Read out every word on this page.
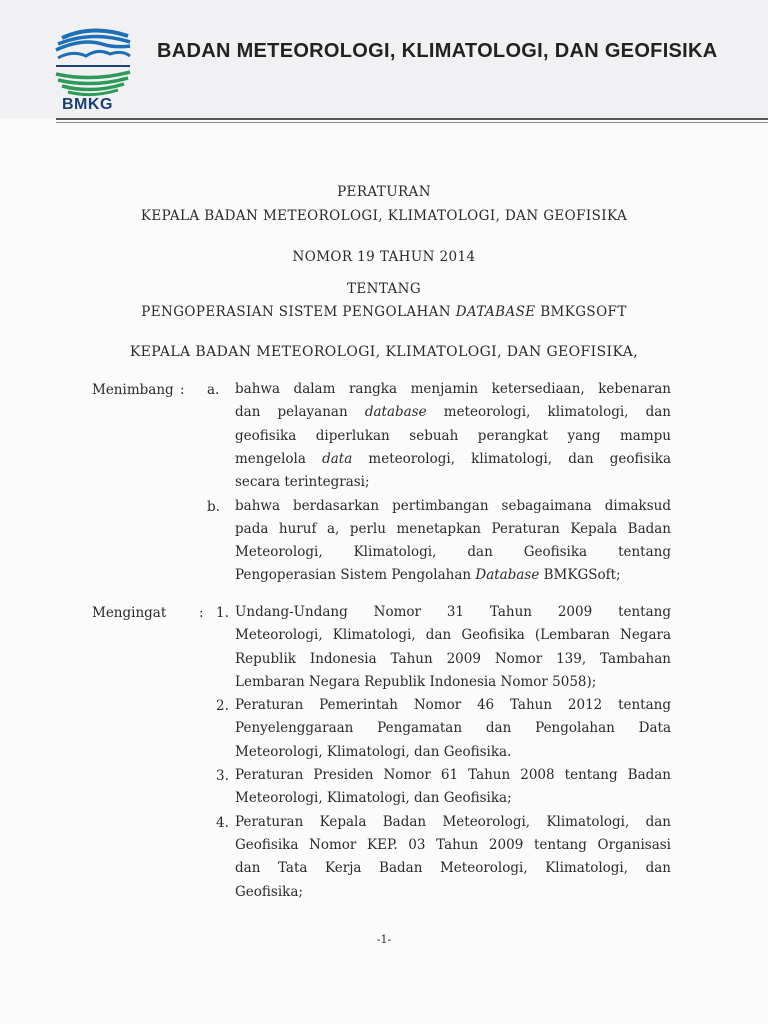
BMKG
BADAN METEOROLOGI, KLIMATOLOGI, DAN GEOFISIKA
PERATURAN
KEPALA BADAN METEOROLOGI, KLIMATOLOGI, DAN GEOFISIKA
NOMOR 19 TAHUN 2014
TENTANG
PENGOPERASIAN SISTEM PENGOLAHAN DATABASE BMKGSOFT
KEPALA BADAN METEOROLOGI, KLIMATOLOGI, DAN GEOFISIKA,
Menimbang : a. bahwa dalam rangka menjamin ketersediaan, kebenaran
dan pelayanan database meteorologi, klimatologi, dan
geofisika diperlukan sebuah perangkat yang mampu
mengelola data meteorologi, klimatologi, dan geofisika
secara terintegrasi;
b. bahwa berdasarkan pertimbangan sebagaimana dimaksud
pada huruf a, perlu menetapkan Peraturan Kepala Badan
Meteorologi, Klimatologi, dan Geofisika tentang
Pengoperasian Sistem Pengolahan Database BMKGSoft;
Mengingat : 1. Undang-Undang Nomor 31 Tahun 2009 tentang
Meteorologi, Klimatologi, dan Geofisika (Lembaran Negara
Republik Indonesia Tahun 2009 Nomor 139, Tambahan
Lembaran Negara Republik Indonesia Nomor 5058);
2. Peraturan Pemerintah Nomor 46 Tahun 2012 tentang
Penyelenggaraan Pengamatan dan Pengolahan Data
Meteorologi, Klimatologi, dan Geofisika.
3. Peraturan Presiden Nomor 61 Tahun 2008 tentang Badan
Meteorologi, Klimatologi, dan Geofisika;
4. Peraturan Kepala Badan Meteorologi, Klimatologi, dan
Geofisika Nomor KEP. 03 Tahun 2009 tentang Organisasi
dan Tata Kerja Badan Meteorologi, Klimatologi, dan
Geofisika;
-1-
